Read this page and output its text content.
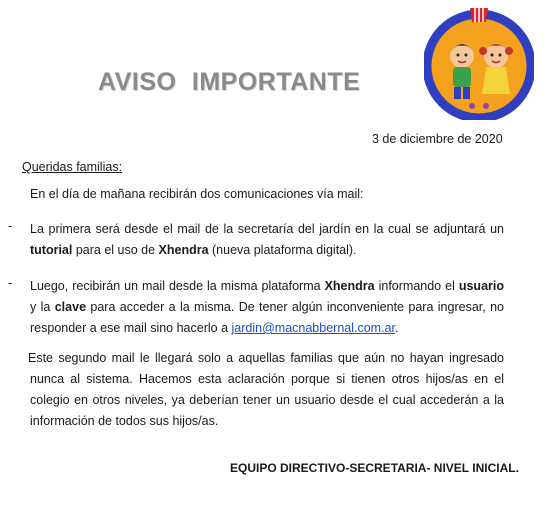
AVISO IMPORTANTE
3 de diciembre de 2020
Queridas familias:
En el día de mañana recibirán dos comunicaciones vía mail:
- La primera será desde el mail de la secretaría del jardín en la cual se adjuntará un tutorial para el uso de Xhendra (nueva plataforma digital).
- Luego, recibirán un mail desde la misma plataforma Xhendra informando el usuario y la clave para acceder a la misma. De tener algún inconveniente para ingresar, no responder a ese mail sino hacerlo a jardin@macnabbernal.com.ar.
Este segundo mail le llegará solo a aquellas familias que aún no hayan ingresado nunca al sistema. Hacemos esta aclaración porque si tienen otros hijos/as en el colegio en otros niveles, ya deberían tener un usuario desde el cual accederán a la información de todos sus hijos/as.
EQUIPO DIRECTIVO-SECRETARIA- NIVEL INICIAL.
